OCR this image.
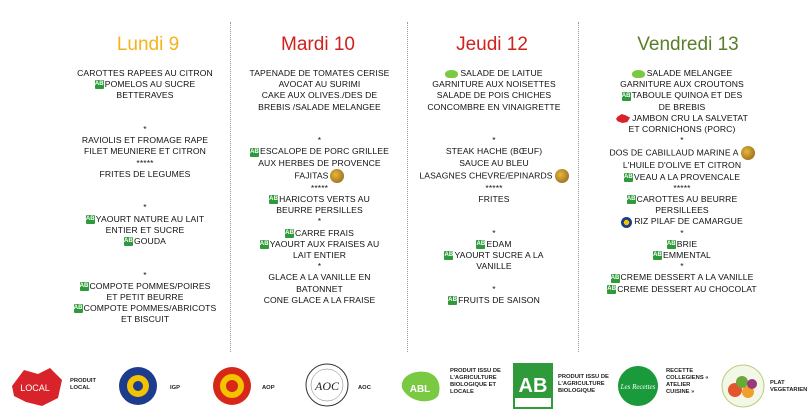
Lundi 9	Mardi 10	Jeudi 12	Vendredi 13
CAROTTES RAPEES AU CITRON
ABPOMELOS AU SUCRE
BETTERAVES
*
RAVIOLIS ET FROMAGE RAPE
FILET MEUNIERE ET CITRON
*****
FRITES DE LEGUMES
*
ABYAOURT NATURE AU LAIT
ENTIER ET SUCRE
ABGOUDA
*
ABCOMPOTE POMMES/POIRES
ET PETIT BEURRE
ABCOMPOTE POMMES/ABRICOTS
ET BISCUIT
TAPENADE DE TOMATES CERISE
AVOCAT AU SURIMI
CAKE AUX OLIVES./DES DE
BREBIS /SALADE MELANGEE
*
ABESCALOPE DE PORC GRILLEE
AUX HERBES DE PROVENCE
FAJITAS
*****
ABHARICOTS VERTS AU
BEURRE PERSILLES
*
ABCARRE FRAIS
ABYAOURT AUX FRAISES AU
LAIT ENTIER
*
GLACE A LA VANILLE EN
BATONNET
CONE GLACE A LA FRAISE
SALADE DE LAITUE
GARNITURE AUX NOISETTES
SALADE DE POIS CHICHES
CONCOMBRE EN VINAIGRETTE
*
STEAK HACHE (BŒUF)
SAUCE AU BLEU
LASAGNES CHEVRE/EPINARDS
*****
FRITES
*
ABEDAM
ABYAOURT SUCRE A LA
VANILLE
*
ABFRUITS DE SAISON
SALADE MELANGEE
GARNITURE AUX CROUTONS
ABTABOULE QUINOA ET DES
DE BREBIS
JAMBON CRU LA SALVETAT
ET CORNICHONS (PORC)
*
DOS DE CABILLAUD MARINE A
L'HUILE D'OLIVE ET CITRON
ABVEAU A LA PROVENCALE
*****
ABCAROTTES AU BEURRE
PERSILLEES
RIZ PILAF DE CAMARGUE
*
ABBRIE
ABEMMENTAL
*
ABCREME DESSERT A LA VANILLE
ABCREME DESSERT AU CHOCOLAT
LOCAL
PRODUIT
LOCAL	IGP	AOP	AOC	AOC	ABL
PRODUIT ISSU DE
L'AGRICULTURE
BIOLOGIQUE ET
LOCALE	AB PRODUIT ISSU DE
L'AGRICULTURE
BIOLOGIQUE	Les Recettes
RECETTE
COLLEGIENS «
ATELIER
CUISINE »
PLAT
VEGETARIEN
